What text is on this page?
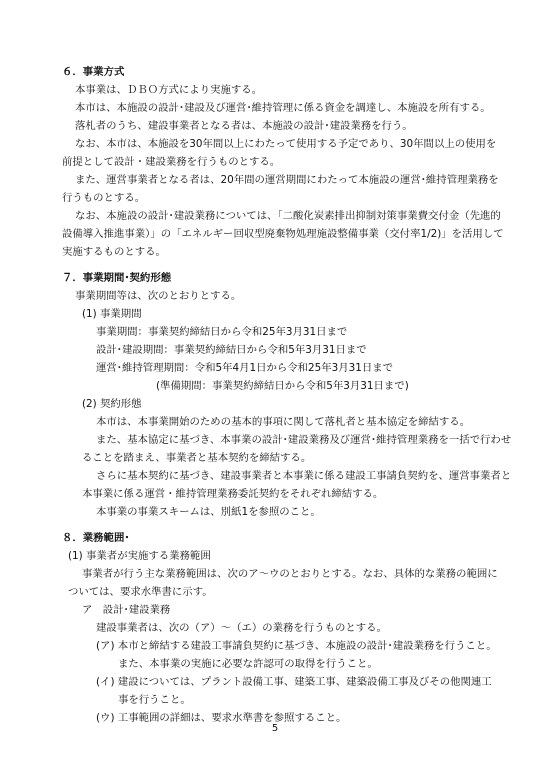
６．事業方式
本事業は、ＤＢＯ方式により実施する。
本市は、本施設の設計･建設及び運営･維持管理に係る資金を調達し、本施設を所有する。
落札者のうち、建設事業者となる者は、本施設の設計･建設業務を行う。
なお、本市は、本施設を30年間以上にわたって使用する予定であり、30年間以上の使用を
前提として設計・建設業務を行うものとする。
また、運営事業者となる者は、20年間の運営期間にわたって本施設の運営･維持管理業務を
行うものとする。
なお、本施設の設計･建設業務については、「二酸化炭素排出抑制対策事業費交付金（先進的
設備導入推進事業）」の「エネルギー回収型廃棄物処理施設整備事業（交付率1/2)」を活用して
実施するものとする。
７．事業期間･契約形態
事業期間等は、次のとおりとする。
(1) 事業期間
事業期間：事業契約締結日から令和25年3月31日まで
設計･建設期間：事業契約締結日から令和5年3月31日まで
運営･維持管理期間：令和5年4月1日から令和25年3月31日まで
(準備期間：事業契約締結日から令和5年3月31日まで)
(2) 契約形態
本市は、本事業開始のための基本的事項に関して落札者と基本協定を締結する。
また、基本協定に基づき、本事業の設計･建設業務及び運営･維持管理業務を一括で行わせ
ることを踏まえ、事業者と基本契約を締結する。
さらに基本契約に基づき、建設事業者と本事業に係る建設工事請負契約を、運営事業者と
本事業に係る運営・維持管理業務委託契約をそれぞれ締結する。
本事業の事業スキームは、別紙1を参照のこと。
８．業務範囲･
(1) 事業者が実施する業務範囲
事業者が行う主な業務範囲は、次のア～ウのとおりとする。なお、具体的な業務の範囲に
ついては、要求水準書に示す。
ア　設計･建設業務
建設事業者は、次の（ア）～（エ）の業務を行うものとする。
(ア) 本市と締結する建設工事請負契約に基づき、本施設の設計･建設業務を行うこと。
また、本事業の実施に必要な許認可の取得を行うこと。
(イ) 建設については、プラント設備工事、建築工事、建築設備工事及びその他関連工
事を行うこと。
(ウ) 工事範囲の詳細は、要求水準書を参照すること。
5
